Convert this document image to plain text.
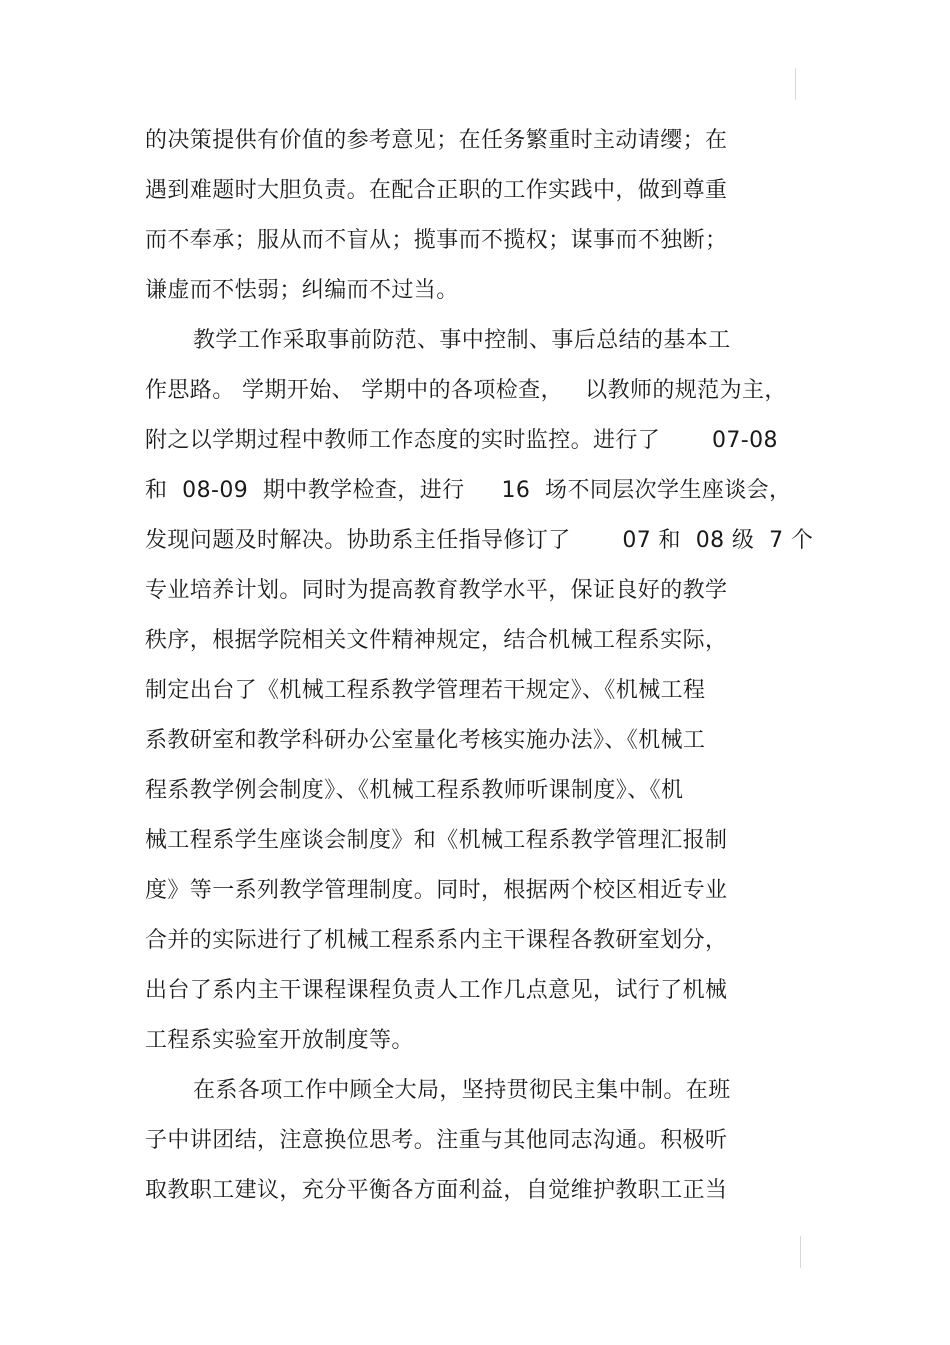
的决策提供有价值的参考意见；在任务繁重时主动请缨；在
遇到难题时大胆负责。在配合正职的工作实践中，做到尊重
而不奉承；服从而不盲从；揽事而不揽权；谋事而不独断；
谦虚而不怯弱；纠编而不过当。
教学工作采取事前防范、事中控制、事后总结的基本工
作思路。 学期开始、 学期中的各项检查，   以教师的规范为主，
附之以学期过程中教师工作态度的实时监控。进行了       07-08
和  08-09  期中教学检查，进行     16  场不同层次学生座谈会，
发现问题及时解决。协助系主任指导修订了       07 和  08 级  7 个
专业培养计划。同时为提高教育教学水平，保证良好的教学
秩序，根据学院相关文件精神规定，结合机械工程系实际，
制定出台了《机械工程系教学管理若干规定》、《机械工程
系教研室和教学科研办公室量化考核实施办法》、《机械工
程系教学例会制度》、《机械工程系教师听课制度》、《机
械工程系学生座谈会制度》和《机械工程系教学管理汇报制
度》等一系列教学管理制度。同时，根据两个校区相近专业
合并的实际进行了机械工程系系内主干课程各教研室划分，
出台了系内主干课程课程负责人工作几点意见，试行了机械
工程系实验室开放制度等。
在系各项工作中顾全大局，坚持贯彻民主集中制。在班
子中讲团结，注意换位思考。注重与其他同志沟通。积极听
取教职工建议，充分平衡各方面利益，自觉维护教职工正当
